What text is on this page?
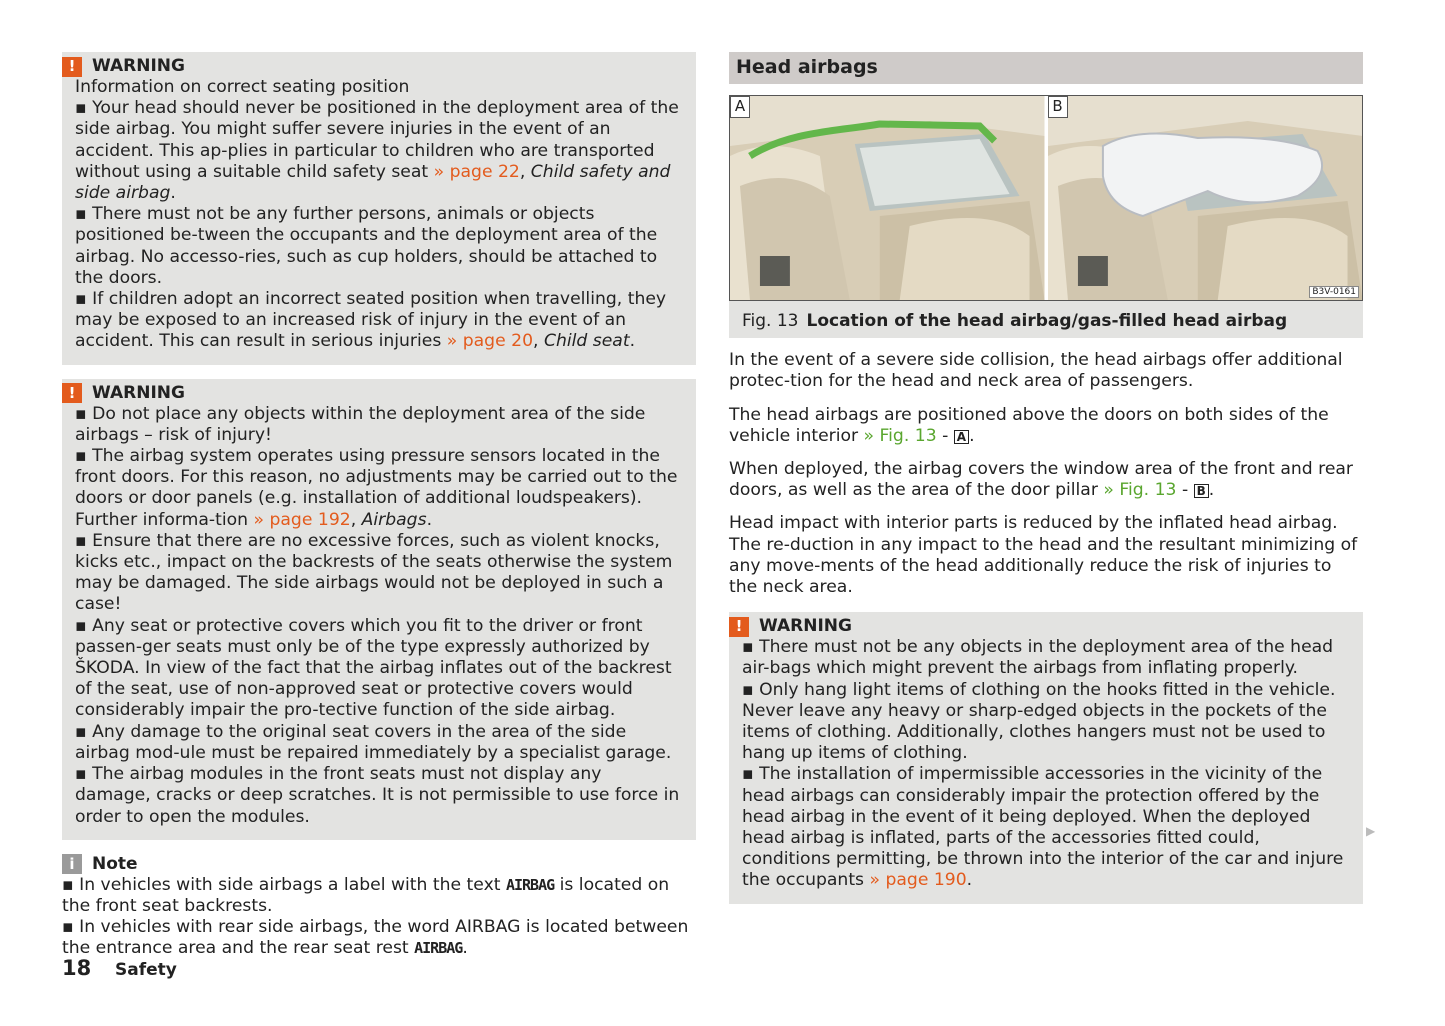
! WARNING
Information on correct seating position
▪ Your head should never be positioned in the deployment area of the side airbag. You might suffer severe injuries in the event of an accident. This ap-plies in particular to children who are transported without using a suitable child safety seat » page 22, Child safety and side airbag.
▪ There must not be any further persons, animals or objects positioned be-tween the occupants and the deployment area of the airbag. No accesso-ries, such as cup holders, should be attached to the doors.
▪ If children adopt an incorrect seated position when travelling, they may be exposed to an increased risk of injury in the event of an accident. This can result in serious injuries » page 20, Child seat.
! WARNING
▪ Do not place any objects within the deployment area of the side airbags – risk of injury!
▪ The airbag system operates using pressure sensors located in the front doors. For this reason, no adjustments may be carried out to the doors or door panels (e.g. installation of additional loudspeakers). Further informa-tion » page 192, Airbags.
▪ Ensure that there are no excessive forces, such as violent knocks, kicks etc., impact on the backrests of the seats otherwise the system may be damaged. The side airbags would not be deployed in such a case!
▪ Any seat or protective covers which you fit to the driver or front passen-ger seats must only be of the type expressly authorized by ŠKODA. In view of the fact that the airbag inflates out of the backrest of the seat, use of non-approved seat or protective covers would considerably impair the pro-tective function of the side airbag.
▪ Any damage to the original seat covers in the area of the side airbag mod-ule must be repaired immediately by a specialist garage.
▪ The airbag modules in the front seats must not display any damage, cracks or deep scratches. It is not permissible to use force in order to open the modules.
i	Note
▪ In vehicles with side airbags a label with the text AIRBAG is located on the front seat backrests.
▪ In vehicles with rear side airbags, the word AIRBAG is located between the entrance area and the rear seat rest AIRBAG.
Head airbags
A	B
B3V-0161
Fig. 13 Location of the head airbag/gas-filled head airbag

In the event of a severe side collision, the head airbags offer additional protec-tion for the head and neck area of passengers.

The head airbags are positioned above the doors on both sides of the vehicle interior » Fig. 13 - A .

When deployed, the airbag covers the window area of the front and rear doors, as well as the area of the door pillar » Fig. 13 - B .

Head impact with interior parts is reduced by the inflated head airbag. The re-duction in any impact to the head and the resultant minimizing of any move-ments of the head additionally reduce the risk of injuries to the neck area.

! WARNING
▪ There must not be any objects in the deployment area of the head air-bags which might prevent the airbags from inflating properly.
▪ Only hang light items of clothing on the hooks fitted in the vehicle. Never leave any heavy or sharp-edged objects in the pockets of the items of clothing. Additionally, clothes hangers must not be used to hang up items of clothing.
▪ The installation of impermissible accessories in the vicinity of the head airbags can considerably impair the protection offered by the head airbag in the event of it being deployed. When the deployed head airbag is inflated, parts of the accessories fitted could, conditions permitting, be thrown into the interior of the car and injure the occupants » page 190.
▶
18	Safety
